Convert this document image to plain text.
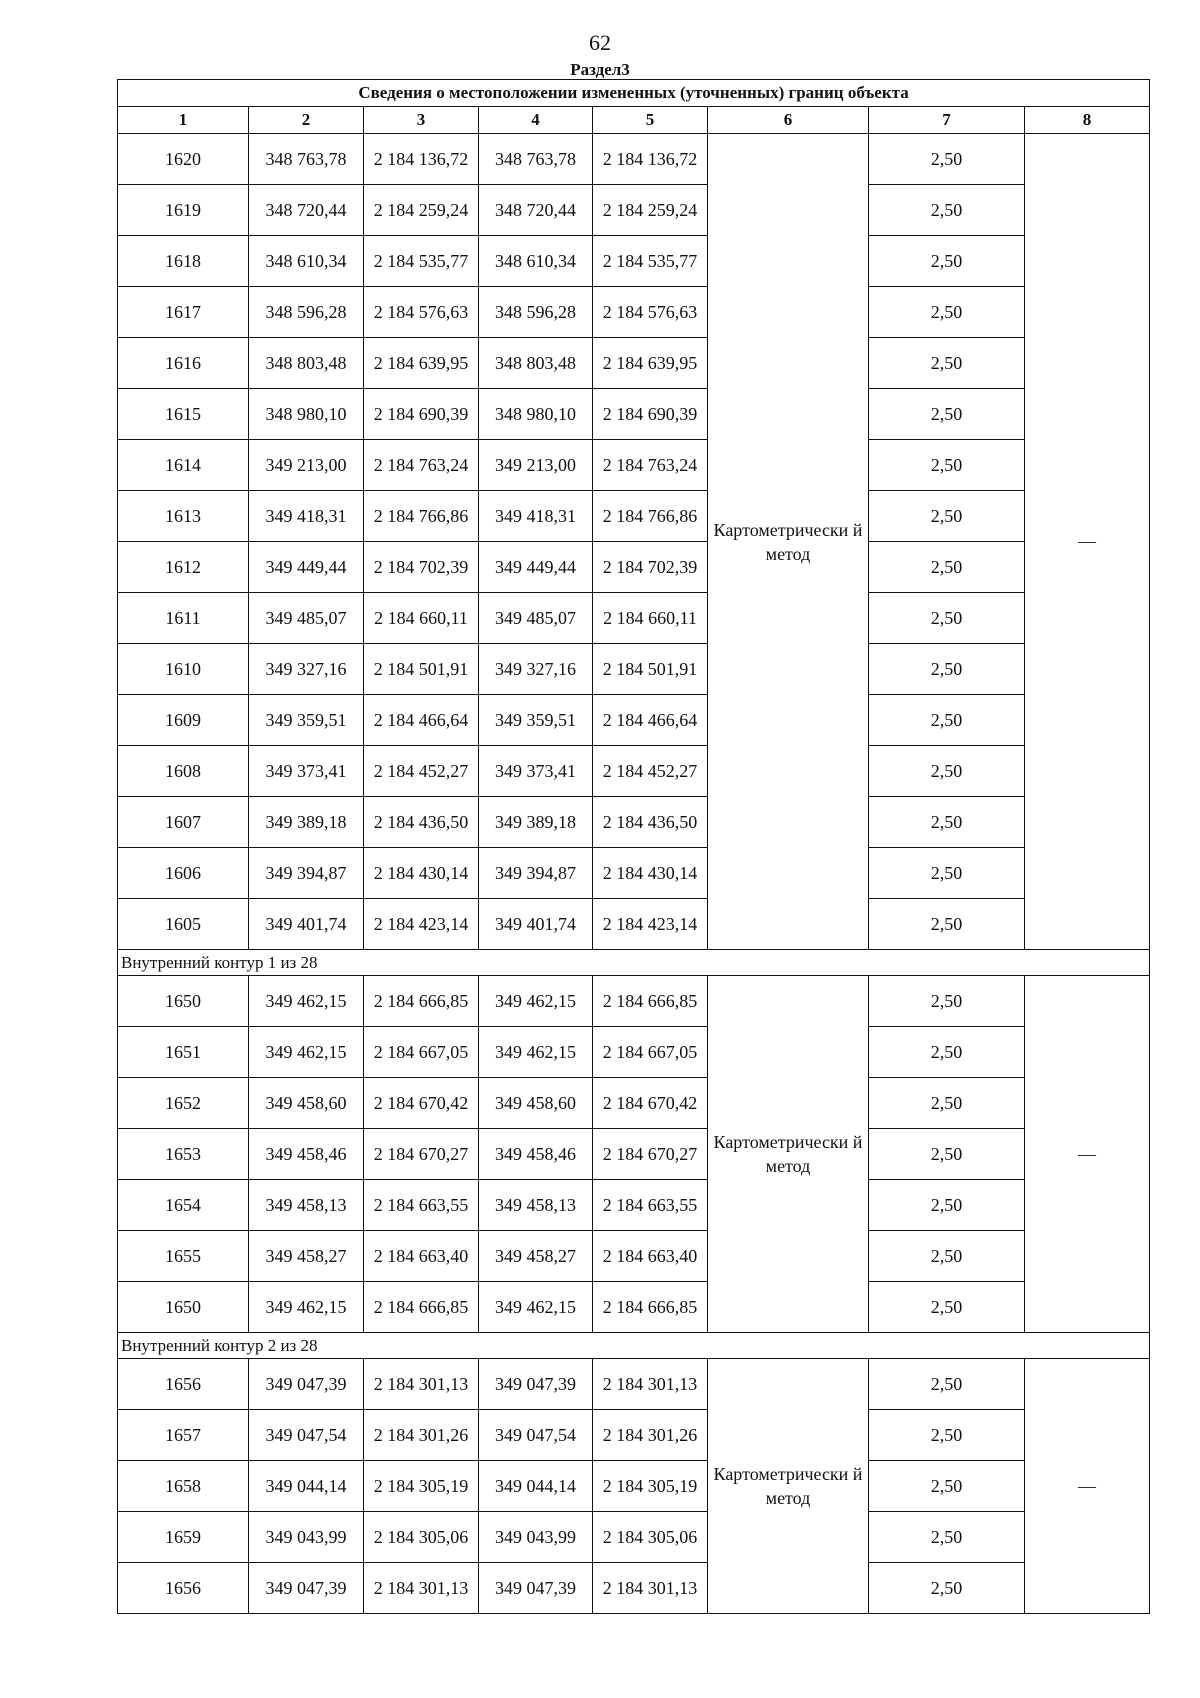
62
Раздел3
Сведения о местоположении измененных (уточненных) границ объекта							
1	2	3	4	5	6	7	8
1620	348 763,78	2 184 136,72	348 763,78	2 184 136,72	Картометрически й метод	2,50	—
1619	348 720,44	2 184 259,24	348 720,44	2 184 259,24		2,50	
1618	348 610,34	2 184 535,77	348 610,34	2 184 535,77		2,50	
1617	348 596,28	2 184 576,63	348 596,28	2 184 576,63		2,50	
1616	348 803,48	2 184 639,95	348 803,48	2 184 639,95		2,50	
1615	348 980,10	2 184 690,39	348 980,10	2 184 690,39		2,50	
1614	349 213,00	2 184 763,24	349 213,00	2 184 763,24		2,50	
1613	349 418,31	2 184 766,86	349 418,31	2 184 766,86		2,50	
1612	349 449,44	2 184 702,39	349 449,44	2 184 702,39		2,50	
1611	349 485,07	2 184 660,11	349 485,07	2 184 660,11		2,50	
1610	349 327,16	2 184 501,91	349 327,16	2 184 501,91		2,50	
1609	349 359,51	2 184 466,64	349 359,51	2 184 466,64		2,50	
1608	349 373,41	2 184 452,27	349 373,41	2 184 452,27		2,50	
1607	349 389,18	2 184 436,50	349 389,18	2 184 436,50		2,50	
1606	349 394,87	2 184 430,14	349 394,87	2 184 430,14		2,50	
1605	349 401,74	2 184 423,14	349 401,74	2 184 423,14		2,50	
Внутренний контур 1 из 28							
1650	349 462,15	2 184 666,85	349 462,15	2 184 666,85	Картометрически й метод	2,50	—
1651	349 462,15	2 184 667,05	349 462,15	2 184 667,05		2,50	
1652	349 458,60	2 184 670,42	349 458,60	2 184 670,42		2,50	
1653	349 458,46	2 184 670,27	349 458,46	2 184 670,27		2,50	
1654	349 458,13	2 184 663,55	349 458,13	2 184 663,55		2,50	
1655	349 458,27	2 184 663,40	349 458,27	2 184 663,40		2,50	
1650	349 462,15	2 184 666,85	349 462,15	2 184 666,85		2,50	
Внутренний контур 2 из 28							
1656	349 047,39	2 184 301,13	349 047,39	2 184 301,13	Картометрически й метод	2,50	—
1657	349 047,54	2 184 301,26	349 047,54	2 184 301,26		2,50	
1658	349 044,14	2 184 305,19	349 044,14	2 184 305,19		2,50	
1659	349 043,99	2 184 305,06	349 043,99	2 184 305,06		2,50	
1656	349 047,39	2 184 301,13	349 047,39	2 184 301,13		2,50	
